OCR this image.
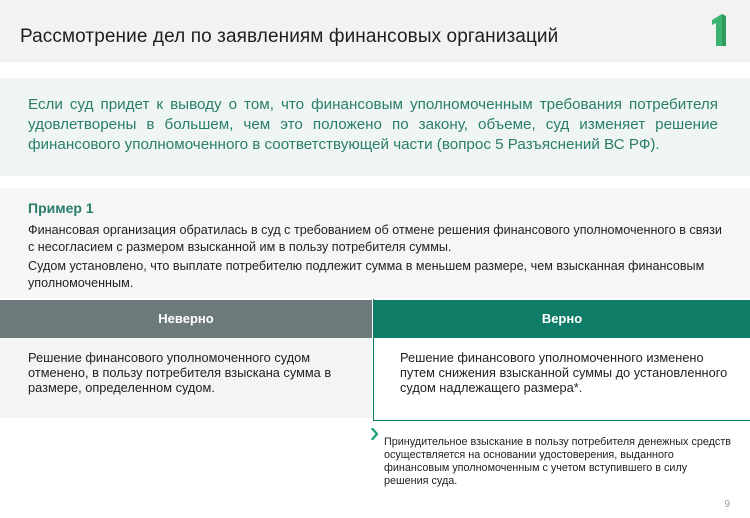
Рассмотрение дел по заявлениям финансовых организаций
Если суд придет к выводу о том, что финансовым уполномоченным требования потребителя удовлетворены в большем, чем это положено по закону, объеме, суд изменяет решение финансового уполномоченного в соответствующей части (вопрос 5 Разъяснений ВС РФ).
Пример 1
Финансовая организация обратилась в суд с требованием об отмене решения финансового уполномоченного в связи с несогласием с размером взысканной им в пользу потребителя суммы.
Судом установлено, что выплате потребителю подлежит сумма в меньшем размере, чем взысканная финансовым уполномоченным.
Неверно	Верно
Решение финансового уполномоченного судом отменено, в пользу потребителя взыскана сумма в размере, определенном судом.
Решение финансового уполномоченного изменено путем снижения взысканной суммы до установленного судом надлежащего размера*.
Принудительное взыскание в пользу потребителя денежных средств осуществляется на основании удостоверения, выданного финансовым уполномоченным с учетом вступившего в силу решения суда.
9
